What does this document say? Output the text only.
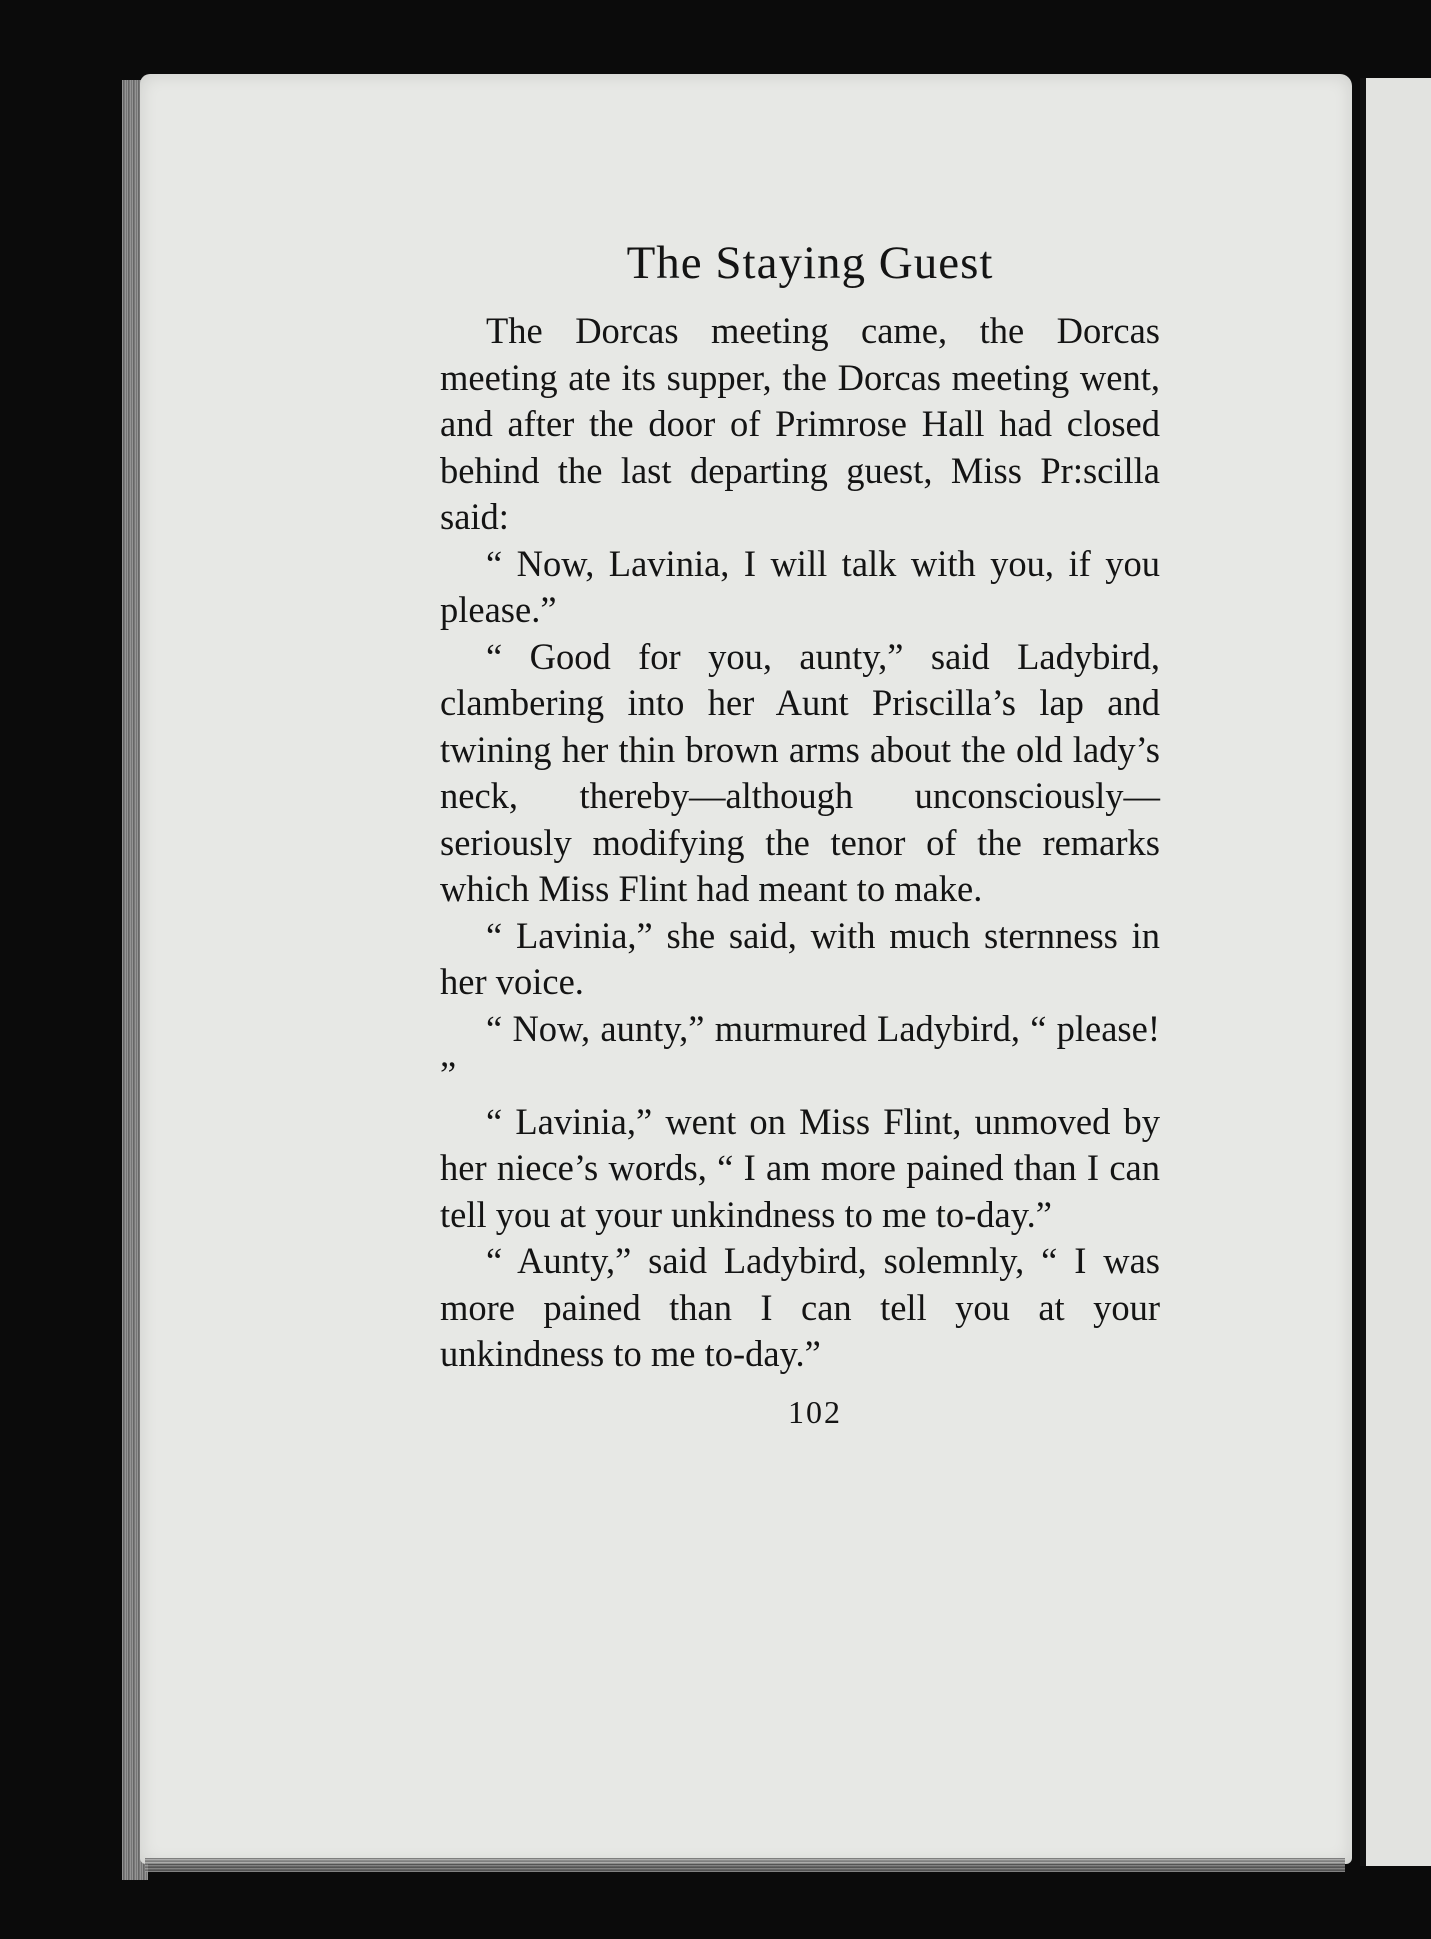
The Staying Guest

The Dorcas meeting came, the Dorcas meeting ate its supper, the Dorcas meeting went, and after the door of Primrose Hall had closed behind the last departing guest, Miss Pr:scilla said:

“ Now, Lavinia, I will talk with you, if you please.”

“ Good for you, aunty,” said Ladybird, clambering into her Aunt Priscilla’s lap and twining her thin brown arms about the old lady’s neck, thereby—although unconsciously—seriously modifying the tenor of the remarks which Miss Flint had meant to make.

“ Lavinia,” she said, with much sternness in her voice.

“ Now, aunty,” murmured Ladybird, “ please! ”

“ Lavinia,” went on Miss Flint, unmoved by her niece’s words, “ I am more pained than I can tell you at your unkindness to me to-day.”

“ Aunty,” said Ladybird, solemnly, “ I was more pained than I can tell you at your unkindness to me to-day.”

102
